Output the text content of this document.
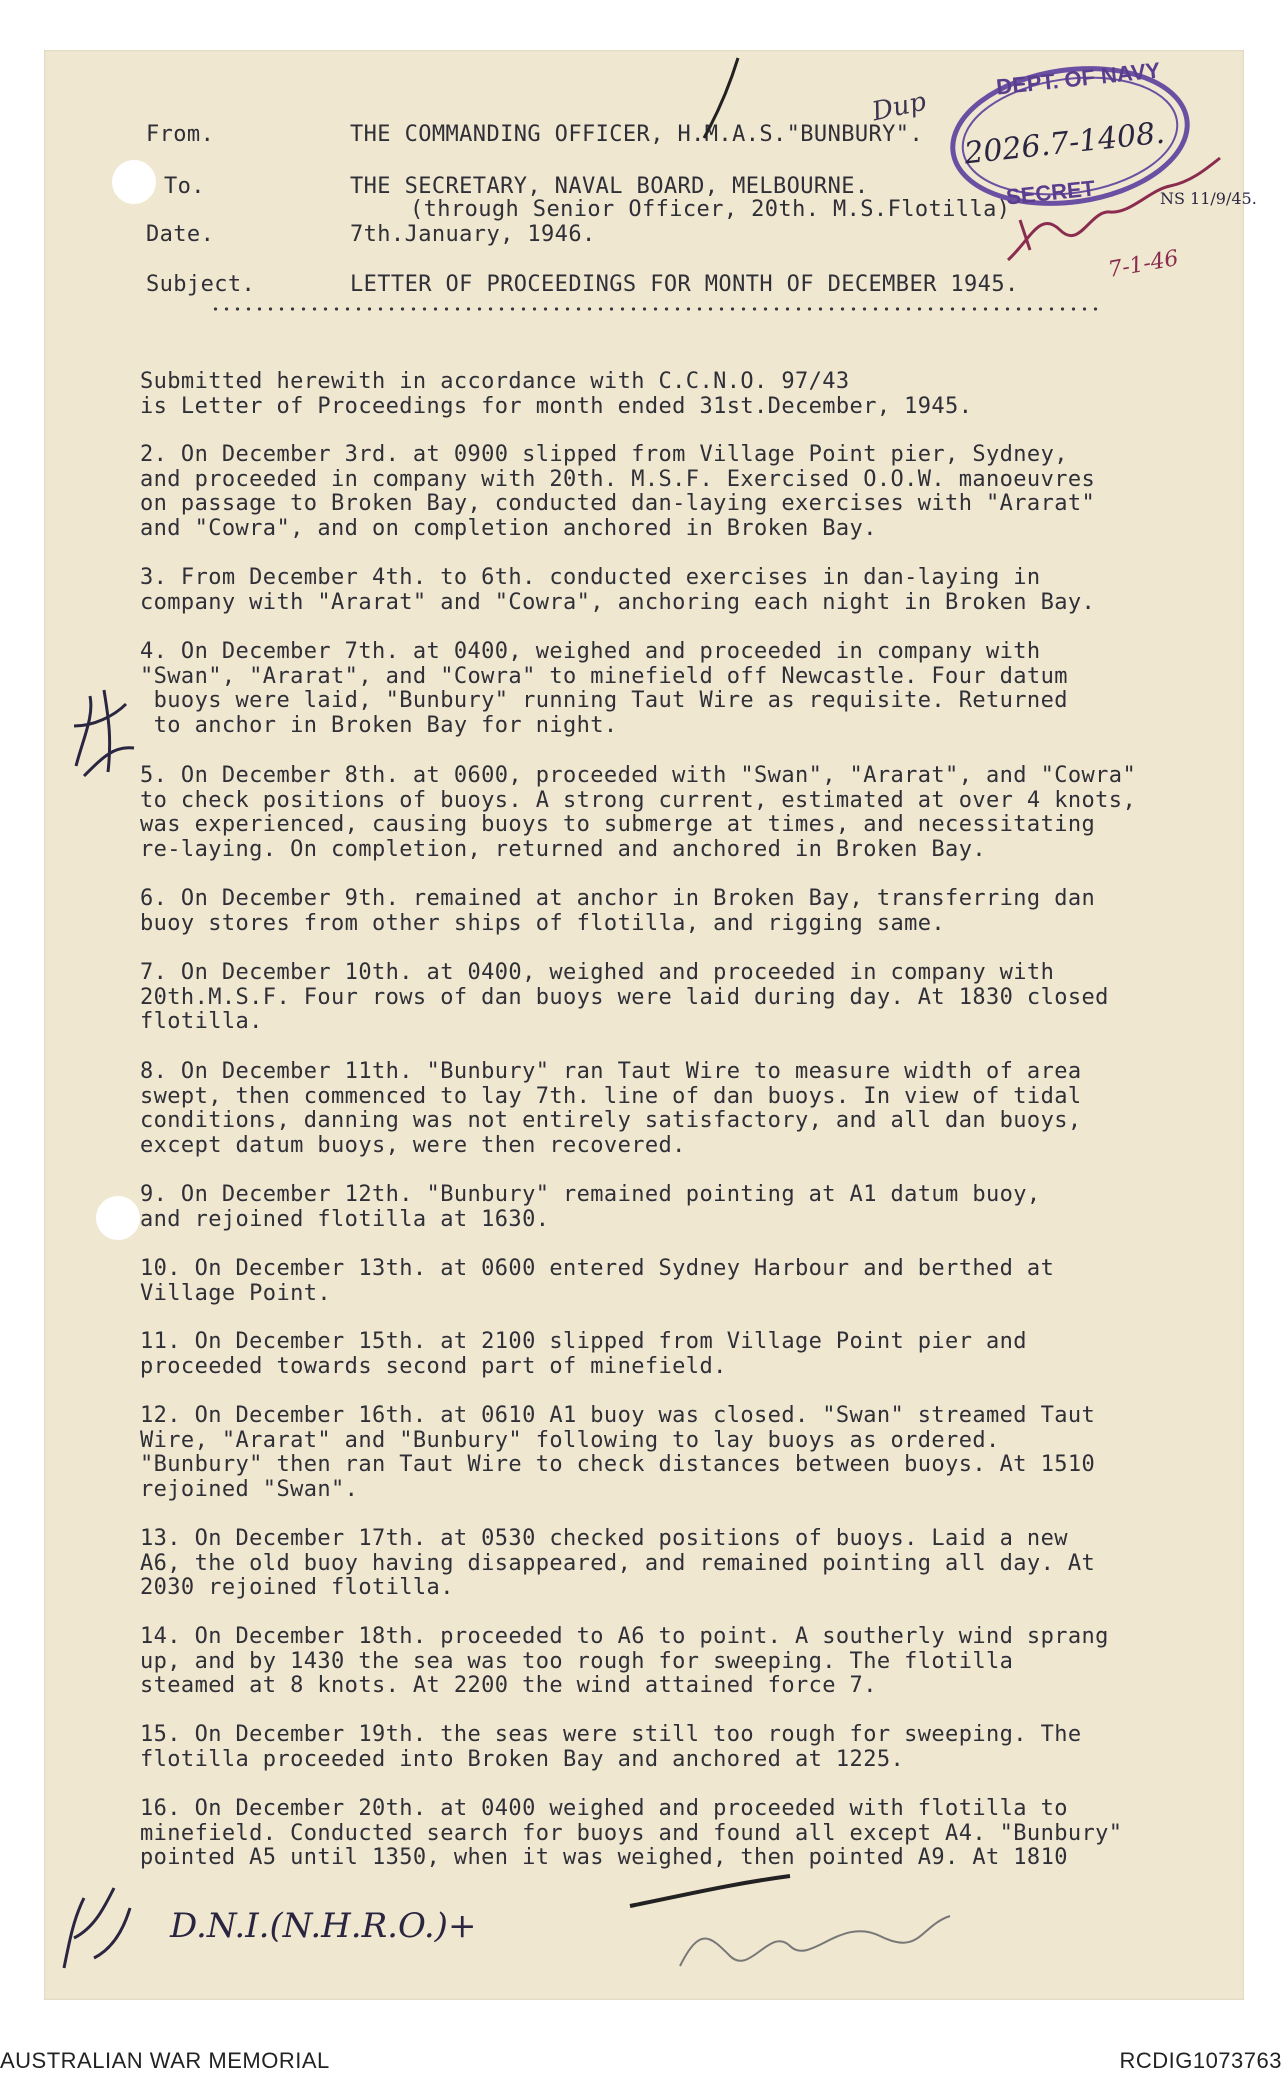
From.	THE COMMANDING OFFICER, H.M.A.S."BUNBURY".
To.	THE SECRETARY, NAVAL BOARD, MELBOURNE.
(through Senior Officer, 20th. M.S.Flotilla)
Date.	7th.January, 1946.
Subject.	LETTER OF PROCEEDINGS FOR MONTH OF DECEMBER 1945.
DEPT. OF NAVY
2026.7-1408.
SECRET
Dup
NS 11/9/45.
7-1-46
Submitted herewith in accordance with C.C.N.O. 97/43
is Letter of Proceedings for month ended 31st.December, 1945.
2. On December 3rd. at 0900 slipped from Village Point pier, Sydney,
and proceeded in company with 20th. M.S.F. Exercised O.O.W. manoeuvres
on passage to Broken Bay, conducted dan-laying exercises with "Ararat"
and "Cowra", and on completion anchored in Broken Bay.
3. From December 4th. to 6th. conducted exercises in dan-laying in
company with "Ararat" and "Cowra", anchoring each night in Broken Bay.
4. On December 7th. at 0400, weighed and proceeded in company with
"Swan", "Ararat", and "Cowra" to minefield off Newcastle. Four datum
buoys were laid, "Bunbury" running Taut Wire as requisite. Returned
to anchor in Broken Bay for night.
5. On December 8th. at 0600, proceeded with "Swan", "Ararat", and "Cowra"
to check positions of buoys. A strong current, estimated at over 4 knots,
was experienced, causing buoys to submerge at times, and necessitating
re-laying. On completion, returned and anchored in Broken Bay.
6. On December 9th. remained at anchor in Broken Bay, transferring dan
buoy stores from other ships of flotilla, and rigging same.
7. On December 10th. at 0400, weighed and proceeded in company with
20th.M.S.F. Four rows of dan buoys were laid during day. At 1830 closed
flotilla.
8. On December 11th. "Bunbury" ran Taut Wire to measure width of area
swept, then commenced to lay 7th. line of dan buoys. In view of tidal
conditions, danning was not entirely satisfactory, and all dan buoys,
except datum buoys, were then recovered.
9. On December 12th. "Bunbury" remained pointing at A1 datum buoy,
and rejoined flotilla at 1630.
10. On December 13th. at 0600 entered Sydney Harbour and berthed at
Village Point.
11. On December 15th. at 2100 slipped from Village Point pier and
proceeded towards second part of minefield.
12. On December 16th. at 0610 A1 buoy was closed. "Swan" streamed Taut
Wire, "Ararat" and "Bunbury" following to lay buoys as ordered.
"Bunbury" then ran Taut Wire to check distances between buoys. At 1510
rejoined "Swan".
13. On December 17th. at 0530 checked positions of buoys. Laid a new
A6, the old buoy having disappeared, and remained pointing all day. At
2030 rejoined flotilla.
14. On December 18th. proceeded to A6 to point. A southerly wind sprang
up, and by 1430 the sea was too rough for sweeping. The flotilla
steamed at 8 knots. At 2200 the wind attained force 7.
15. On December 19th. the seas were still too rough for sweeping. The
flotilla proceeded into Broken Bay and anchored at 1225.
16. On December 20th. at 0400 weighed and proceeded with flotilla to
minefield. Conducted search for buoys and found all except A4. "Bunbury"
pointed A5 until 1350, when it was weighed, then pointed A9. At 1810
D.N.I.(N.H.R.O.)+
AUSTRALIAN WAR MEMORIAL	RCDIG1073763
